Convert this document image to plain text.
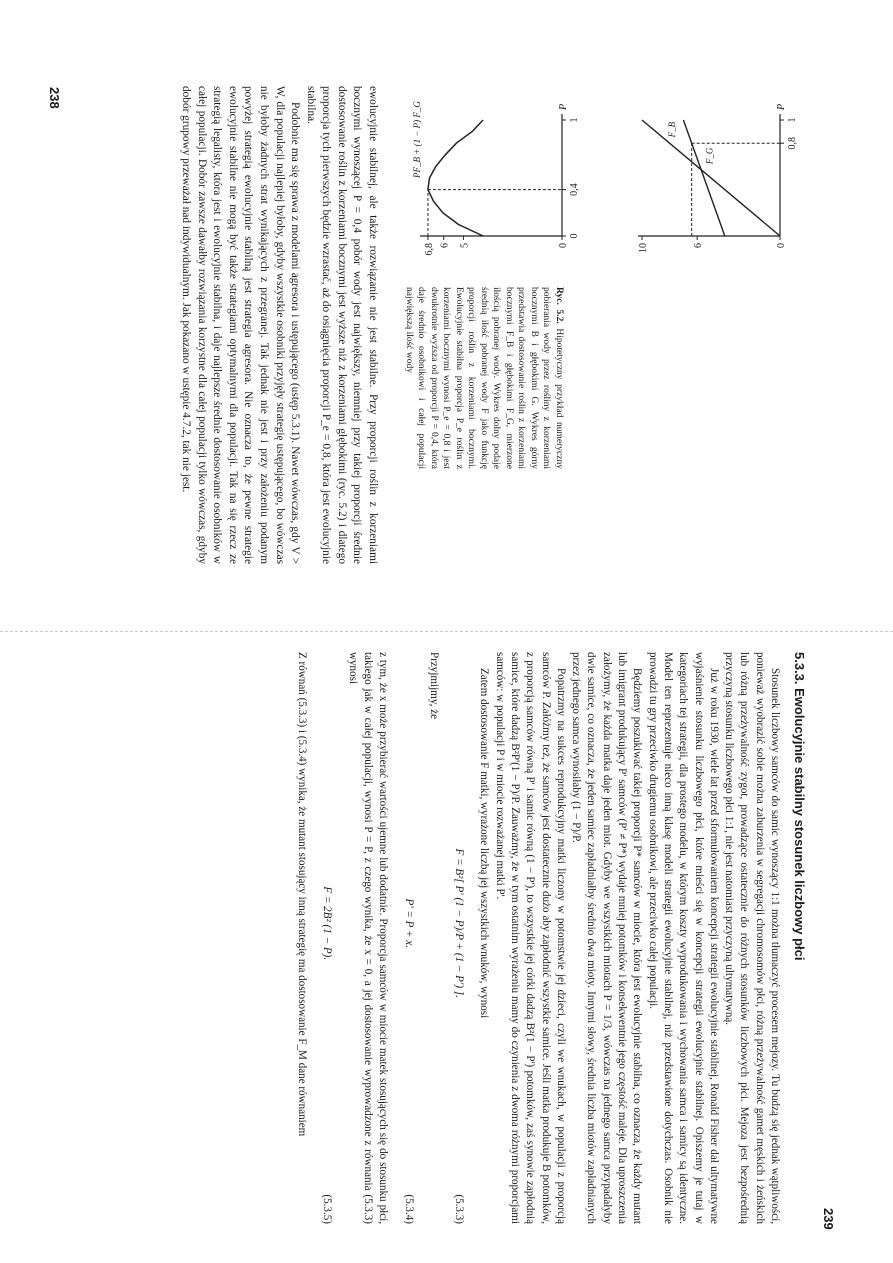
238
10	6	0
0,8
1
P
F_B
F_G
6,8 6 5	0
0
0,4
1
P
PF_B + (1 − P) F_G

Ryc. 5.2. Hipotetyczny przykład numeryczny pobierania wody przez rośliny z korzeniami bocznymi B i głębokimi G. Wykres górny przedstawia dostosowanie roślin z korzeniami bocznymi F_B i głębokimi F_G, mierzone ilością pobranej wody. Wykres dolny podaje średnią ilość pobranej wody F jako funkcję proporcji roślin z korzeniami bocznymi. Ewolucyjnie stabilna proporcja P_e roślin z korzeniami bocznymi wynosi P_e = 0,8 i jest dwukrotnie wyższa od proporcji P = 0,4, która daje średnio osobnikowi i całej populacji największą ilość wody

ewolucyjnie stabilnej, ale także rozwiązanie nie jest stabilne. Przy proporcji roślin z korzeniami bocznymi wynoszącej P = 0,4 pobór wody jest największy, niemniej przy takiej proporcji średnie dostosowanie roślin z korzeniami bocznymi jest wyższe niż z korzeniami głębokimi (ryc. 5.2) i dlatego proporcja tych pierwszych będzie wzrastać, aż do osiągnięcia proporcji P_e = 0,8, która jest ewolucyjnie stabilna.

Podobnie ma się sprawa z modelami agresora i ustępującego (ustęp 5.3.1). Nawet wówczas, gdy V > W, dla populacji najlepiej byłoby, gdyby wszystkie osobniki przyjęły strategię ustępującego, bo wówczas nie byłoby żadnych strat wynikających z przegranej. Tak jednak nie jest i przy założeniu podanym powyżej strategią ewolucyjnie stabilną jest strategia agresora. Nie oznacza to, że pewne strategie ewolucyjnie stabilne nie mogą być także strategiami optymalnymi dla populacji. Tak na się rzecz ze strategią legalisty, która jest i ewolucyjnie stabilna, i daje najlepsze średnie dostosowanie osobników w całej populacji. Dobór zawsze dawałby rozwiązania korzystne dla całej populacji tylko wówczas, gdyby dobór grupowy przeważał nad indywidualnym. Jak pokazano w ustępie 4.7.2, tak nie jest.

5.3.3. Ewolucyjnie stabilny stosunek liczbowy płci

Stosunek liczbowy samców do samic wynoszący 1:1 można tłumaczyć procesem mejozy. Tu budzą się jednak wątpliwości, ponieważ wyobrazić sobie można zaburzenia w segregacji chromosomów płci, różną przeżywalność gamet męskich i żeńskich lub różną przeżywalność zygot, prowadzące ostatecznie do różnych stosunków liczbowych płci. Mejoza jest bezpośrednią przyczyną stosunku liczbowego płci 1:1, nie jest natomiast przyczyną ultymatywną.

Już w roku 1930, wiele lat przed sformułowaniem koncepcji strategii ewolucyjnie stabilnej, Ronald Fisher dał ultymatywne wyjaśnienie stosunku liczbowego płci, które mieści się w koncepcji strategii ewolucyjnie stabilnej. Opiszemy je tutaj w kategoriach tej strategii, dla prostego modelu, w którym koszty wyprodukowania i wychowania samca i samicy są identyczne. Model ten reprezentuje nieco inną klasę modeli strategii ewolucyjnie stabilnej, niż przedstawione dotychczas. Osobnik nie prowadzi tu gry przeciwko drugiemu osobnikowi, ale przeciwko całej populacji.

Będziemy poszukiwać takiej proporcji P* samców w miocie, która jest ewolucyjnie stabilna, co oznacza, że każdy mutant lub imigrant produkujący P' samców (P' ≠ P*) wydaje mniej potomków i konsekwentnie jego częstość maleje. Dla uproszczenia założymy, że każda matka daje jeden miot. Gdyby we wszystkich miotach P = 1/3, wówczas na jednego samca przypadałyby dwie samice, co oznacza, że jeden samiec zapładniałby średnio dwa mioty. Innymi słowy, średnia liczba miotów zapładnianych przez jednego samca wynosiłaby (1 − P)/P.

Popatrzmy na sukces reprodukcyjny matki liczony w potomstwie jej dzieci, czyli we wnukach, w populacji z proporcją samców P. Załóżmy też, że samców jest dostatecznie dużo aby zapłodnić wszystkie samice. Jeśli matka produkuje B potomków, z proporcją samców równą P' i samic równą (1 − P'), to wszystkie jej córki dadzą B²(1 − P') potomków, zaś synowie zapłodnią samice, które dadzą B²P'(1 − P)/P. Zauważmy, że w tym ostatnim wyrażeniu mamy do czynienia z dwoma różnymi proporcjami samców: w populacji P i w miocie rozważanej matki P'.

Zatem dostosowanie F matki, wyrażone liczbą jej wszystkich wnuków, wynosi

F = B²[ P' (1 − P)/P + (1 − P') ].
(5.3.3)

Przyjmijmy, że

P' = P + x.
(5.3.4)

z tym, że x może przybierać wartości ujemne lub dodatnie. Proporcja samców w miocie matek stosujących się do stosunku płci, takiego jak w całej populacji, wynosi P = P, z czego wynika, że x = 0, a jej dostosowanie wyprowadzone z równania (5.3.3) wynosi

F = 2B² (1 − P).
(5.3.5)

Z równań (5.3.3) i (5.3.4) wynika, że mutant stosujący inną strategię ma dostosowanie F_M dane równaniem

239
